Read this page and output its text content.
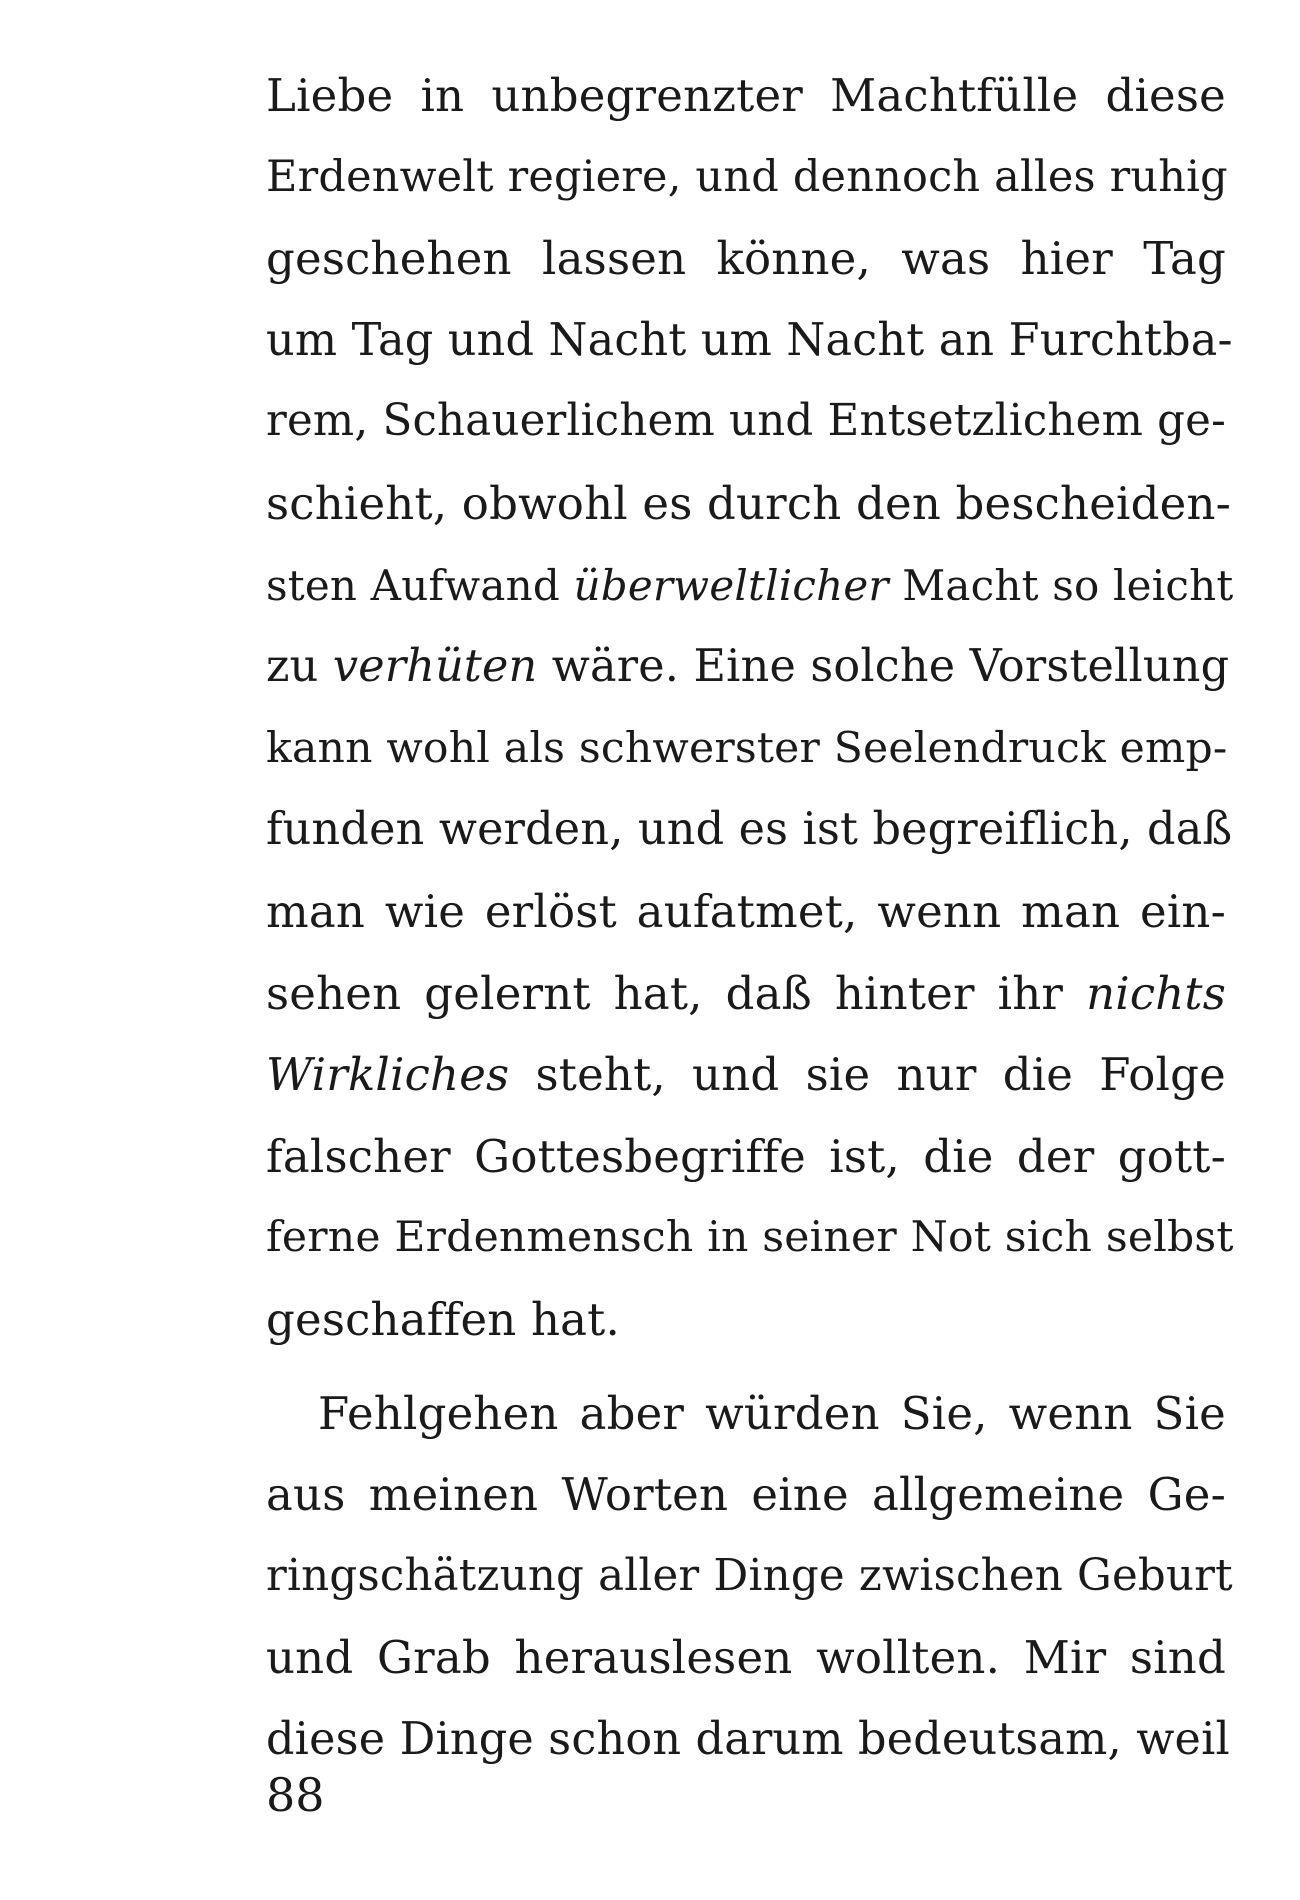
Liebe in unbegrenzter Machtfülle diese
Erdenwelt regiere, und dennoch alles ruhig
geschehen lassen könne, was hier Tag
um Tag und Nacht um Nacht an Furchtba-
rem, Schauerlichem und Entsetzlichem ge-
schieht, obwohl es durch den bescheiden-
sten Aufwand überweltlicher Macht so leicht
zu verhüten wäre. Eine solche Vorstellung
kann wohl als schwerster Seelendruck emp-
funden werden, und es ist begreiflich, daß
man wie erlöst aufatmet, wenn man ein-
sehen gelernt hat, daß hinter ihr nichts
Wirkliches steht, und sie nur die Folge
falscher Gottesbegriffe ist, die der gott-
ferne Erdenmensch in seiner Not sich selbst
geschaffen hat.
Fehlgehen aber würden Sie, wenn Sie
aus meinen Worten eine allgemeine Ge-
ringschätzung aller Dinge zwischen Geburt
und Grab herauslesen wollten. Mir sind
diese Dinge schon darum bedeutsam, weil
88
